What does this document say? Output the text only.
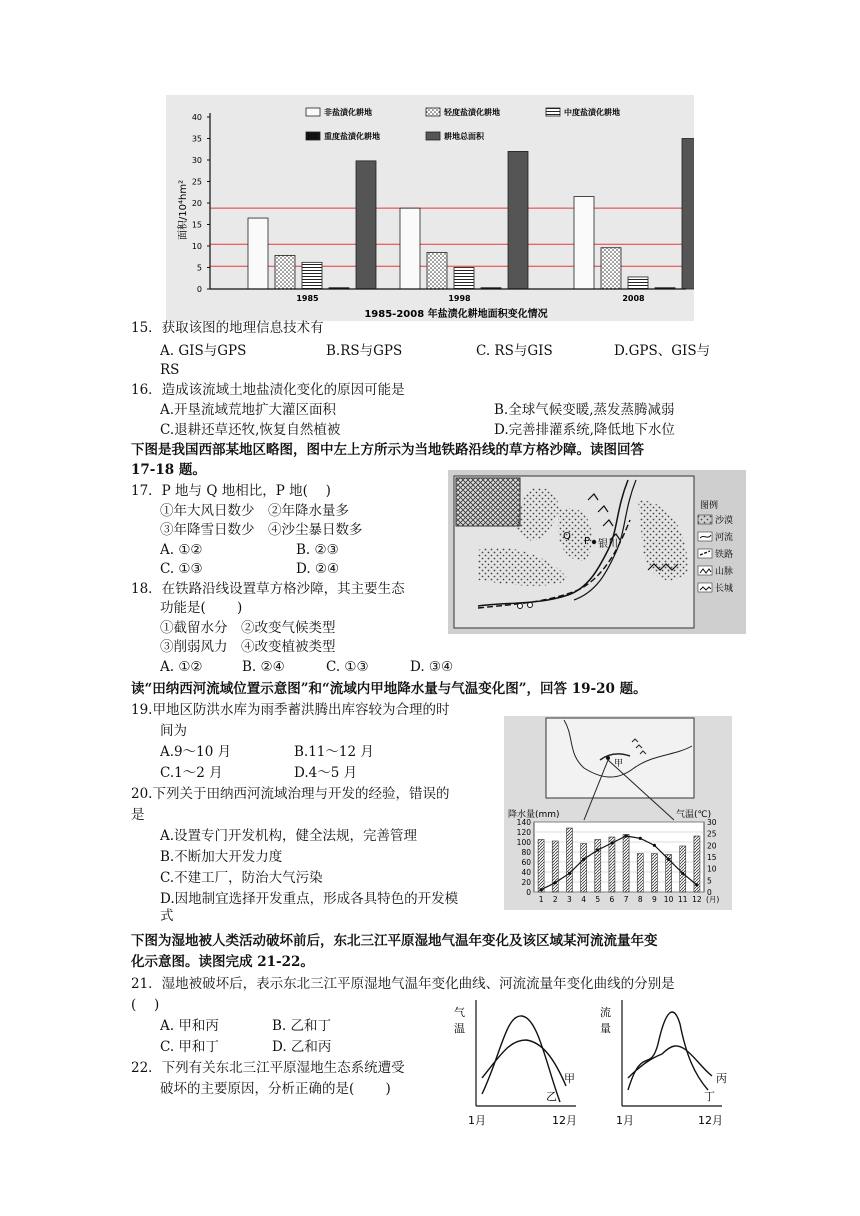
0
5
10
15
20
25
30
35
40
1985	1998	2008
非盐渍化耕地	轻度盐渍化耕地	中度盐渍化耕地
重度盐渍化耕地	耕地总面积
面积/10⁴hm²
1985-2008 年盐渍化耕地面积变化情况
15．获取该图的地理信息技术有
A. GIS与GPS	B.RS与GPS	C. RS与GIS	D.GPS、GIS与
RS
16．造成该流域土地盐渍化变化的原因可能是
A.开垦流域荒地扩大灌区面积	B.全球气候变暖,蒸发蒸腾减弱
C.退耕还草还牧,恢复自然植被	D.完善排灌系统,降低地下水位
下图是我国西部某地区略图，图中左上方所示为当地铁路沿线的草方格沙障。读图回答
17-18 题。
17．P 地与 Q 地相比，P 地(　 )
①年大风日数少　②年降水量多
③年降雪日数少　④沙尘暴日数多
A. ①②	B. ②③
C. ①③	D. ②④
18．在铁路沿线设置草方格沙障，其主要生态
功能是(　 　)
①截留水分　②改变气候类型
③削弱风力　④改变植被类型
A. ①②	B. ②④	C. ①③	D. ③④
Q P 银川
图例
沙漠
河流
铁路
山脉
长城
读“田纳西河流域位置示意图”和“流域内甲地降水量与气温变化图”，回答 19-20 题。
19.甲地区防洪水库为雨季蓄洪腾出库容较为合理的时
间为
A.9～10 月	B.11～12 月
C.1～2 月	D.4～5 月
20.下列关于田纳西河流域治理与开发的经验，错误的
是
A.设置专门开发机构，健全法规，完善管理
B.不断加大开发力度
C.不建工厂，防治大气污染
D.因地制宜选择开发重点，形成各具特色的开发模
式
甲
降水量(mm)	气温(℃)
0
20
40
60
80
100
120
140
0
5
10
15
20
25
30
1 2 3 4 5 6 7 8 9 10 11 12 (月)
下图为湿地被人类活动破坏前后，东北三江平原湿地气温年变化及该区域某河流流量年变
化示意图。读图完成 21-22。
21．湿地被破坏后，表示东北三江平原湿地气温年变化曲线、河流流量年变化曲线的分别是
(　 )
A. 甲和丙	B. 乙和丁
C. 甲和丁	D. 乙和丙
22．下列有关东北三江平原湿地生态系统遭受
破坏的主要原因，分析正确的是(　 　)
气
温
甲
乙
1月	12月
流
量
丙
丁
1月	12月
